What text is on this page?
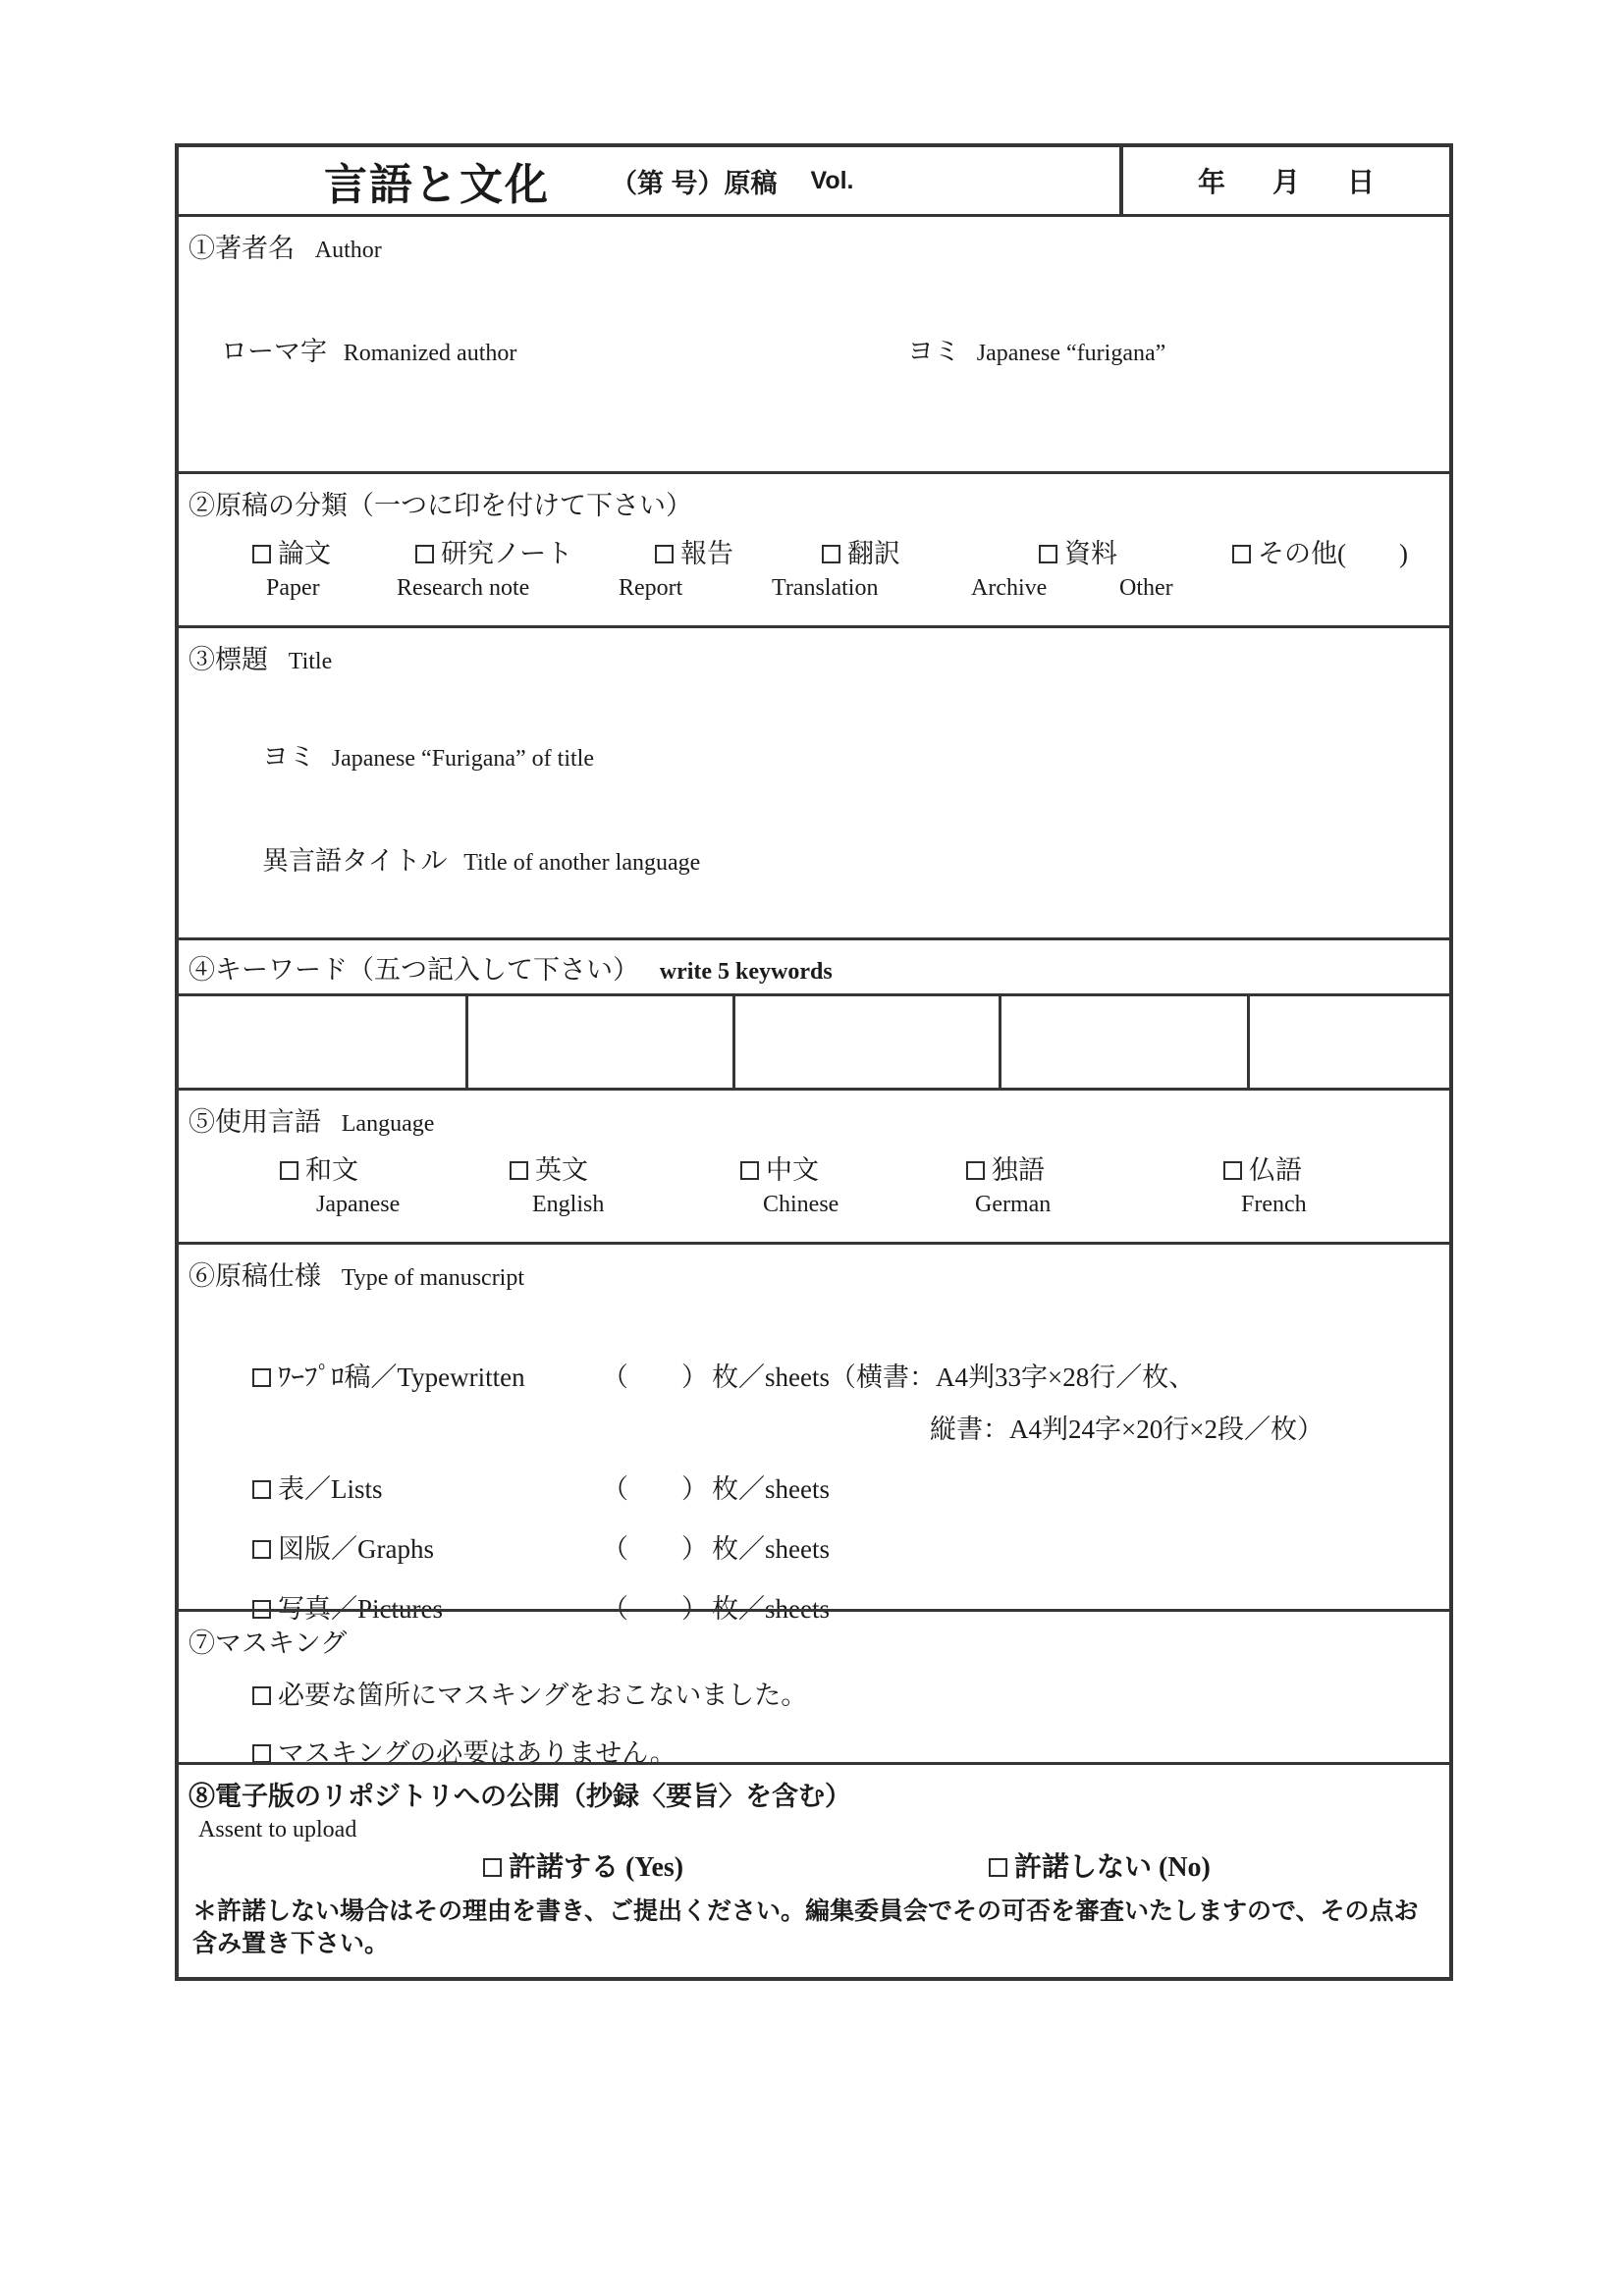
言語と文化 （第 号）原稿 Vol.	年 月 日
①著者名 Author
ローマ字 Romanized author	ヨミ Japanese “furigana”
②原稿の分類（一つに印を付けて下さい）
論文	研究ノート	報告	翻訳	資料	その他(　　)
Paper	Research note	Report	Translation	Archive	Other
③標題 Title
ヨミ Japanese “Furigana” of title
異言語タイトル Title of another language
④キーワード（五つ記入して下さい） write 5 keywords
⑤使用言語 Language
和文	英文	中文	独語	仏語
Japanese	English	Chinese	German	French
⑥原稿仕様 Type of manuscript
ﾜｰﾌﾟﾛ稿／Typewritten	（　　） 枚／sheets（横書：A4判33字×28行／枚、
縦書：A4判24字×20行×2段／枚）
表／Lists	（　　） 枚／sheets
図版／Graphs	（　　） 枚／sheets
写真／Pictures	（　　） 枚／sheets
⑦マスキング
必要な箇所にマスキングをおこないました。
マスキングの必要はありません。
⑧電子版のリポジトリへの公開（抄録〈要旨〉を含む）
Assent to upload
許諾する (Yes)	許諾しない (No)
＊許諾しない場合はその理由を書き、ご提出ください。編集委員会でその可否を審査いたしますので、その点お含み置き下さい。
